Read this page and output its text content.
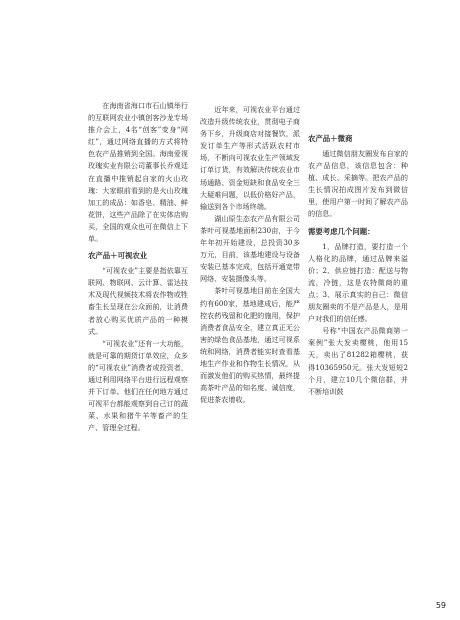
在海南省海口市石山镇举行的互联网农业小镇创客沙龙专场推介会上，4名“创客”变身“网红”，通过网络直播的方式将特色农产品推销到全国。海南爱视玫瑰实业有限公司董事长乔观廷在直播中推销起自家的火山玫瑰：大家眼前看到的是火山玫瑰加工的成品：如香皂、精油、鲜花饼，这些产品除了在实体店购买，全国的观众也可在微信上下单。

农产品＋可视农业

“可视农业”主要是指依靠互联网、物联网、云计算、雷达技术及现代视频技术将农作物或牲畜生长呈现在公众面前，让消费者放心购买优质产品的一种模式。

“可视农业”还有一大功能，就是可靠的期货订单效应，众多的“可视农业”消费者或投资者，通过利用网络平台进行远程观察并下订单。他们在任何地方通过可视平台都能观察到自己订的蔬菜、水果和猪牛羊等畜产的生产、管理全过程。

近年来，可视农业平台通过改造升级传统农业，贯彻电子商务下乡，升级商店对接餐饮，派发订单生产等形式活跃农村市场，不断向可视农业生产领域发订单订货，有效解决传统农业市场通路、资金短缺和食品安全三大疑难问题，以低价格好产品，输送到各个市场终端。

湖山原生态农产品有限公司茶叶可视基地面积230亩，于今年年初开始建设，总投资30多万元，目前，该基地建设与设备安装已基本完成，包括开通宽带网络、安装摄像头等。

茶叶可视基地目前在全国大约有600家，基地建成后，能严控农药残留和化肥的施用，保护消费者食品安全，建立真正无公害的绿色食品基地，通过可视系统和网络，消费者能实时查看基地生产作业和作物生长情况，从而激发他们的购买热情，最终提高茶叶产品的知名度、诚信度，促进茶农增收。

农产品＋微商

通过微信朋友圈发布自家的农产品信息，该信息包含：种植、成长、采摘等。把农产品的生长情况拍成图片发布到微信里，使用户第一时间了解农产品的信息。

需要考虑几个问题：

1，品牌打造，要打造一个人格化的品牌，通过品牌来溢价；2、供应链打造：配送与物流，冷链，这是农特微商的重点；3、展示真实的自己：微信朋友圈卖的不是产品是人，是用户对我们的信任感。

号称“中国农产品微商第一案例”张大发卖樱桃，他用15天，卖出了81282箱樱桃，获得10365950元。张大发短短2个月，建立10几个微信群，并不断培训鼓

59
